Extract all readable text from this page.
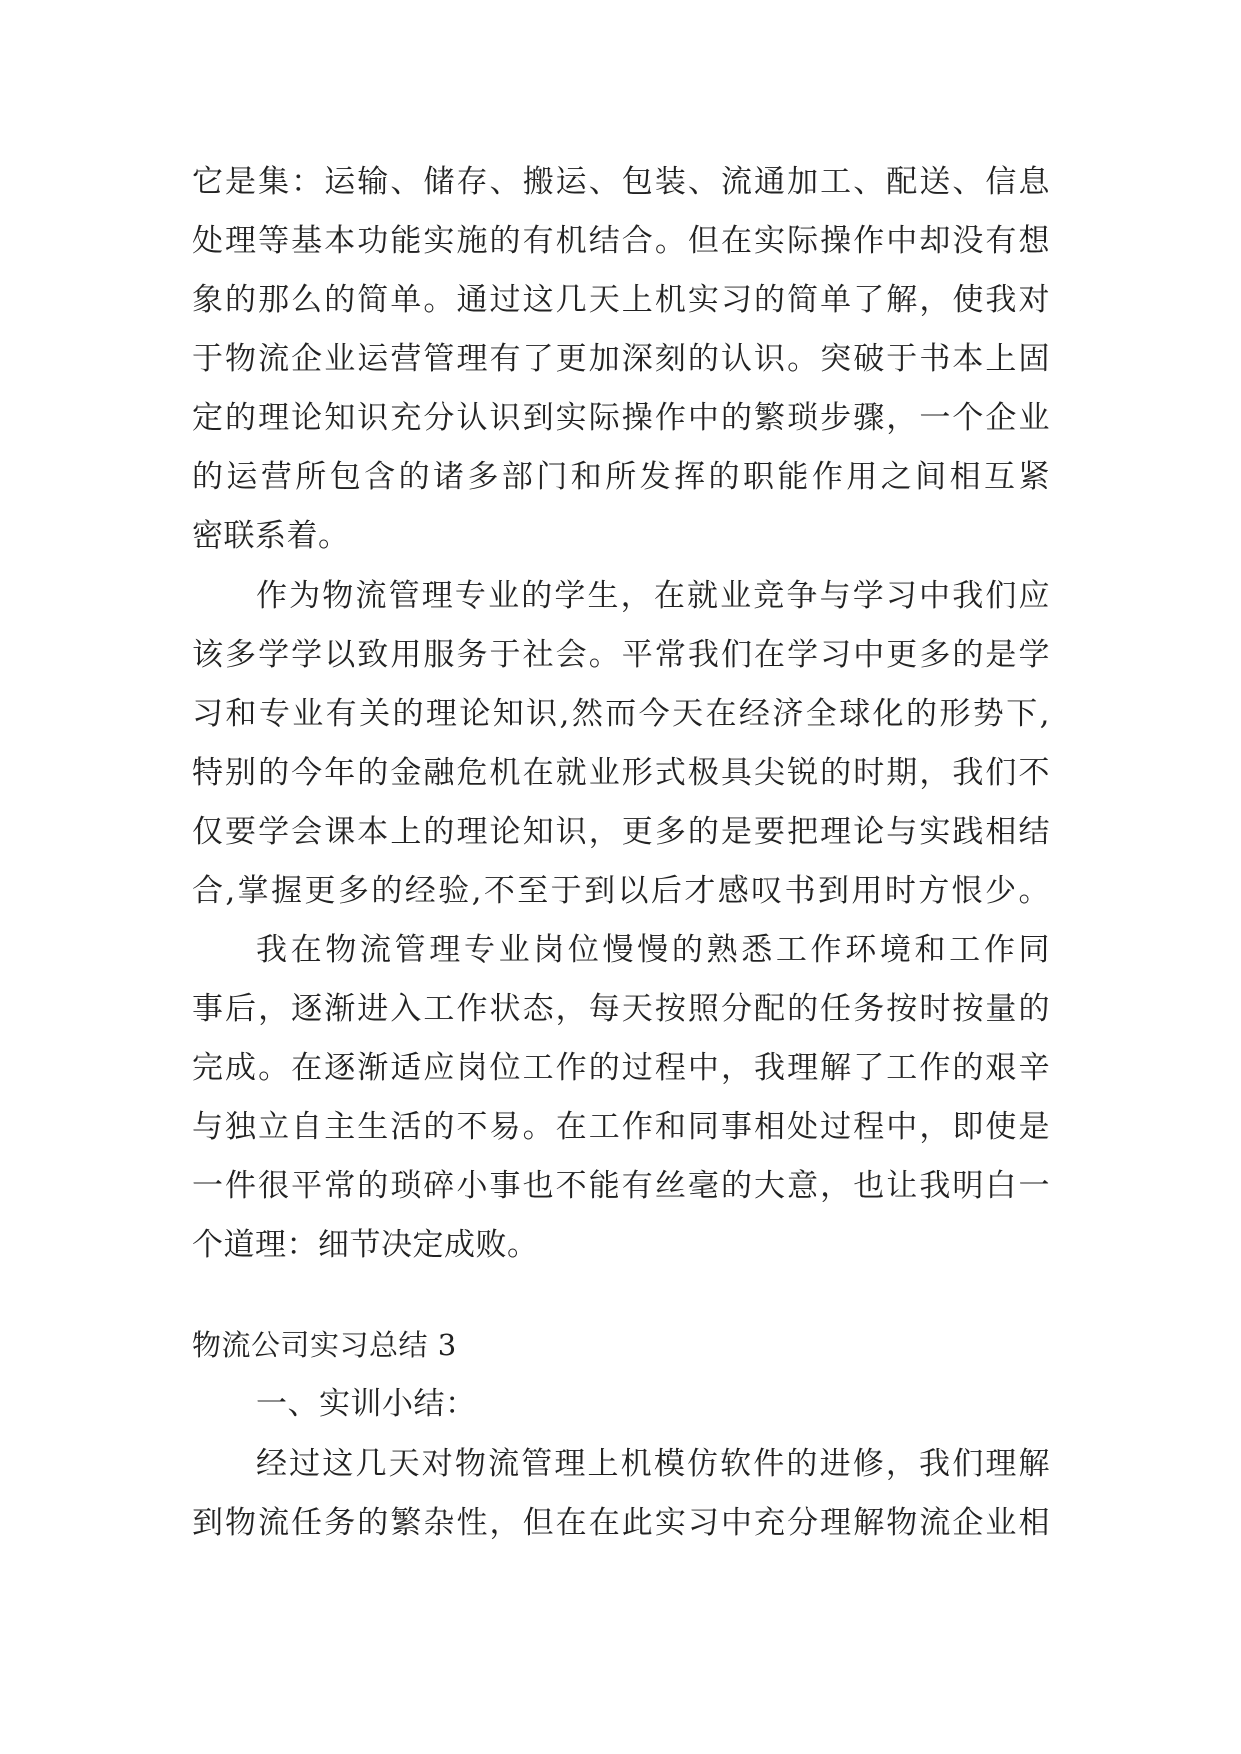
它是集：运输、储存、搬运、包装、流通加工、配送、信息
处理等基本功能实施的有机结合。但在实际操作中却没有想
象的那么的简单。通过这几天上机实习的简单了解，使我对
于物流企业运营管理有了更加深刻的认识。突破于书本上固
定的理论知识充分认识到实际操作中的繁琐步骤，一个企业
的运营所包含的诸多部门和所发挥的职能作用之间相互紧
密联系着。
作为物流管理专业的学生，在就业竞争与学习中我们应
该多学学以致用服务于社会。平常我们在学习中更多的是学
习和专业有关的理论知识,然而今天在经济全球化的形势下,
特别的今年的金融危机在就业形式极具尖锐的时期，我们不
仅要学会课本上的理论知识，更多的是要把理论与实践相结
合,掌握更多的经验,不至于到以后才感叹书到用时方恨少。
我在物流管理专业岗位慢慢的熟悉工作环境和工作同
事后，逐渐进入工作状态，每天按照分配的任务按时按量的
完成。在逐渐适应岗位工作的过程中，我理解了工作的艰辛
与独立自主生活的不易。在工作和同事相处过程中，即使是
一件很平常的琐碎小事也不能有丝毫的大意，也让我明白一
个道理：细节决定成败。
物流公司实习总结 3
一、实训小结：
经过这几天对物流管理上机模仿软件的进修，我们理解
到物流任务的繁杂性，但在在此实习中充分理解物流企业相
